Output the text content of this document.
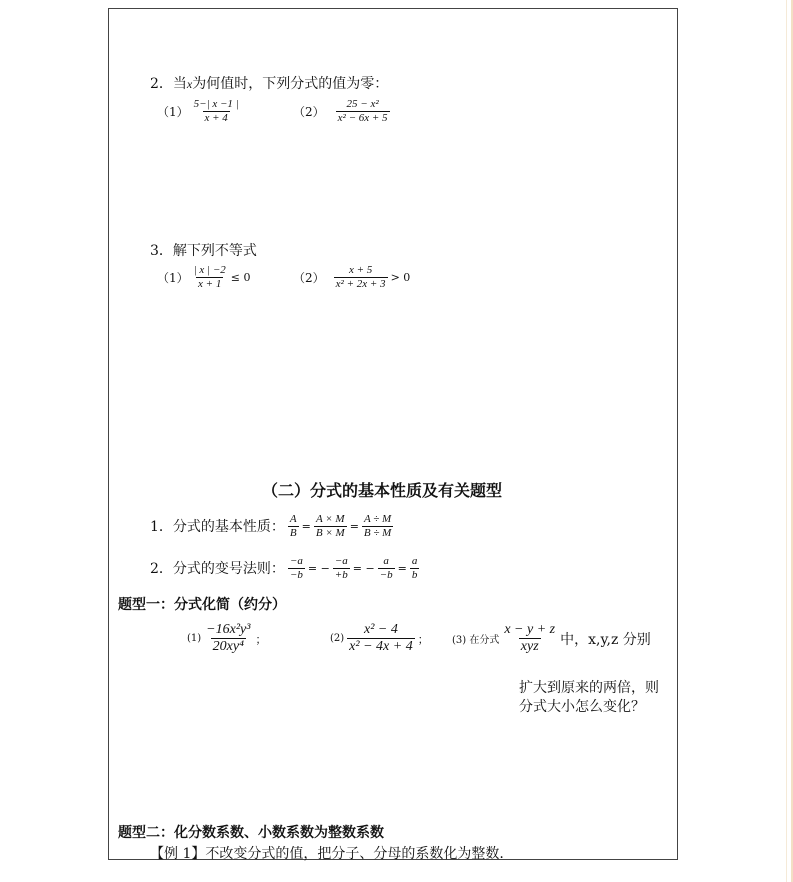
2．当x为何值时，下列分式的值为零：
$(1) \frac{5-| x -1 |}{x + 4}$	$(2) \frac{\text{25 − x²}}{\text{x² − 6x + 5}}$
3．解下列不等式
$(1) \frac{| x | -2}{x + 1} \le 0$	$(2) \frac{x + 5}{\text{x² + 2x + 3}} > 0$
（二）分式的基本性质及有关题型
1．分式的基本性质： $\frac{A}{B} = \frac{A \times M}{B \times M} = \frac{A \div M}{B \div M}$
2．分式的变号法则： $\frac{-a}{-b}$ = − $\frac{-a}{+b}$ = − $\frac{a}{-b} = \frac{a}{b}$
题型一：分式化简（约分）
$(1) \frac{\text{−16x²y³}}{\text{20xy⁴}}$ ；	$(2) \frac{\text{x² − 4}}{\text{x² − 4x + 4}}$ ； (3) 在分式 $\frac{x - y + z}{\text{xyz}}$ 中，x,y,z 分别
扩大到原来的两倍，则
分式大小怎么变化？
题型二：化分数系数、小数系数为整数系数
【例 1】不改变分式的值，把分子、分母的系数化为整数.
